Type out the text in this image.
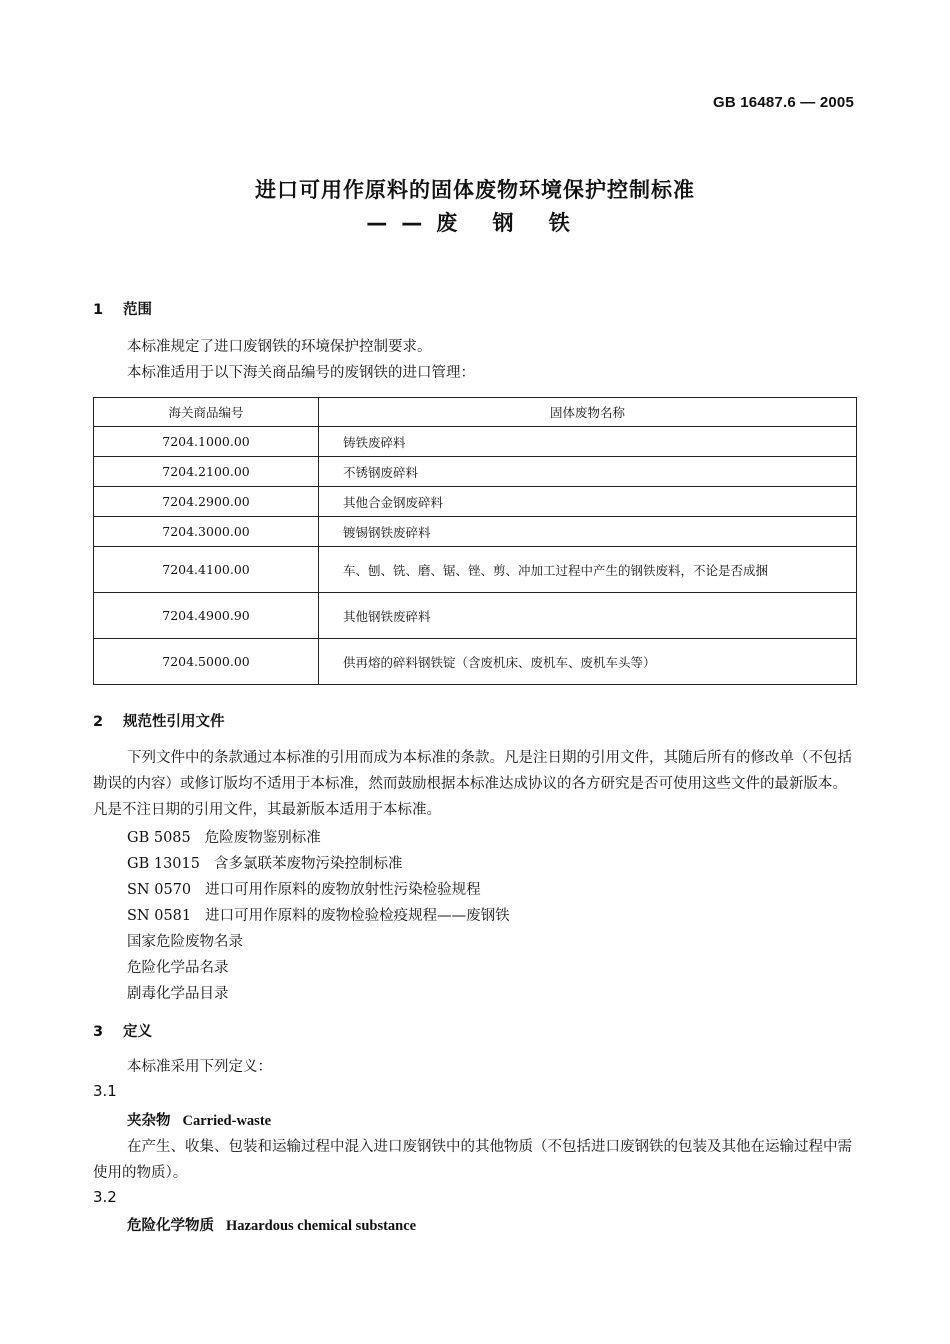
GB 16487.6 — 2005
进口可用作原料的固体废物环境保护控制标准
——废 钢 铁
1 范围
本标准规定了进口废钢铁的环境保护控制要求。
本标准适用于以下海关商品编号的废钢铁的进口管理：
海关商品编号	固体废物名称
7204.1000.00	铸铁废碎料
7204.2100.00	不锈钢废碎料
7204.2900.00	其他合金钢废碎料
7204.3000.00	镀锡钢铁废碎料
7204.4100.00	车、刨、铣、磨、锯、锉、剪、冲加工过程中产生的钢铁废料，不论是否成捆
7204.4900.90	其他钢铁废碎料
7204.5000.00	供再熔的碎料钢铁锭（含废机床、废机车、废机车头等）
2 规范性引用文件
下列文件中的条款通过本标准的引用而成为本标准的条款。凡是注日期的引用文件，其随后所有的修改单（不包括勘误的内容）或修订版均不适用于本标准，然而鼓励根据本标准达成协议的各方研究是否可使用这些文件的最新版本。凡是不注日期的引用文件，其最新版本适用于本标准。
GB 5085 危险废物鉴别标准
GB 13015 含多氯联苯废物污染控制标准
SN 0570 进口可用作原料的废物放射性污染检验规程
SN 0581 进口可用作原料的废物检验检疫规程——废钢铁
国家危险废物名录
危险化学品名录
剧毒化学品目录
3 定义
本标准采用下列定义：
3.1
夹杂物 Carried-waste
在产生、收集、包装和运输过程中混入进口废钢铁中的其他物质（不包括进口废钢铁的包装及其他在运输过程中需使用的物质）。
3.2
危险化学物质 Hazardous chemical substance
